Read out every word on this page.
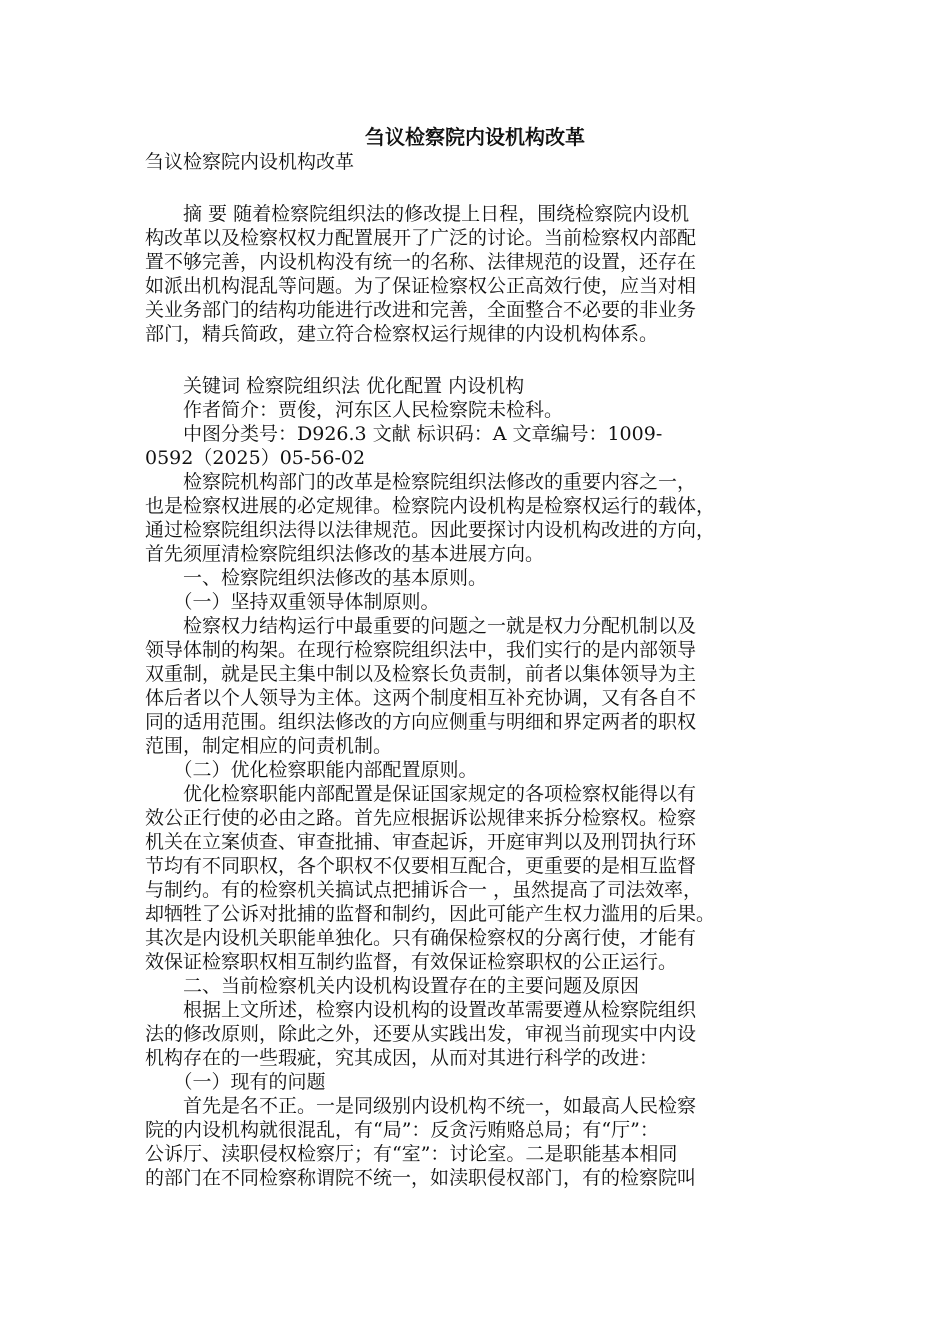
刍议检察院内设机构改革
刍议检察院内设机构改革
　　摘 要 随着检察院组织法的修改提上日程，围绕检察院内设机
构改革以及检察权权力配置展开了广泛的讨论。当前检察权内部配
置不够完善，内设机构没有统一的名称、法律规范的设置，还存在
如派出机构混乱等问题。为了保证检察权公正高效行使，应当对相
关业务部门的结构功能进行改进和完善，全面整合不必要的非业务
部门，精兵简政，建立符合检察权运行规律的内设机构体系。
　　关键词 检察院组织法 优化配置 内设机构
　　作者简介：贾俊，河东区人民检察院未检科。
　　中图分类号：D926.3 文献 标识码：A 文章编号：1009-
0592（2025）05-56-02
　　检察院机构部门的改革是检察院组织法修改的重要内容之一，
也是检察权进展的必定规律。检察院内设机构是检察权运行的载体，
通过检察院组织法得以法律规范。因此要探讨内设机构改进的方向，
首先须厘清检察院组织法修改的基本进展方向。
　　一、检察院组织法修改的基本原则。
　　（一）坚持双重领导体制原则。
　　检察权力结构运行中最重要的问题之一就是权力分配机制以及
领导体制的构架。在现行检察院组织法中，我们实行的是内部领导
双重制，就是民主集中制以及检察长负责制，前者以集体领导为主
体后者以个人领导为主体。这两个制度相互补充协调，又有各自不
同的适用范围。组织法修改的方向应侧重与明细和界定两者的职权
范围，制定相应的问责机制。
　　（二）优化检察职能内部配置原则。
　　优化检察职能内部配置是保证国家规定的各项检察权能得以有
效公正行使的必由之路。首先应根据诉讼规律来拆分检察权。检察
机关在立案侦查、审查批捕、审查起诉，开庭审判以及刑罚执行环
节均有不同职权，各个职权不仅要相互配合，更重要的是相互监督
与制约。有的检察机关搞试点把捕诉合一 ，虽然提高了司法效率，
却牺牲了公诉对批捕的监督和制约，因此可能产生权力滥用的后果。
其次是内设机关职能单独化。只有确保检察权的分离行使，才能有
效保证检察职权相互制约监督，有效保证检察职权的公正运行。
　　二、当前检察机关内设机构设置存在的主要问题及原因
　　根据上文所述，检察内设机构的设置改革需要遵从检察院组织
法的修改原则，除此之外，还要从实践出发，审视当前现实中内设
机构存在的一些瑕疵，究其成因，从而对其进行科学的改进：
　　（一）现有的问题
　　首先是名不正。一是同级别内设机构不统一，如最高人民检察
院的内设机构就很混乱，有“局”：反贪污贿赂总局；有“厅”：
公诉厅、渎职侵权检察厅；有“室”：讨论室。二是职能基本相同
的部门在不同检察称谓院不统一，如渎职侵权部门，有的检察院叫
